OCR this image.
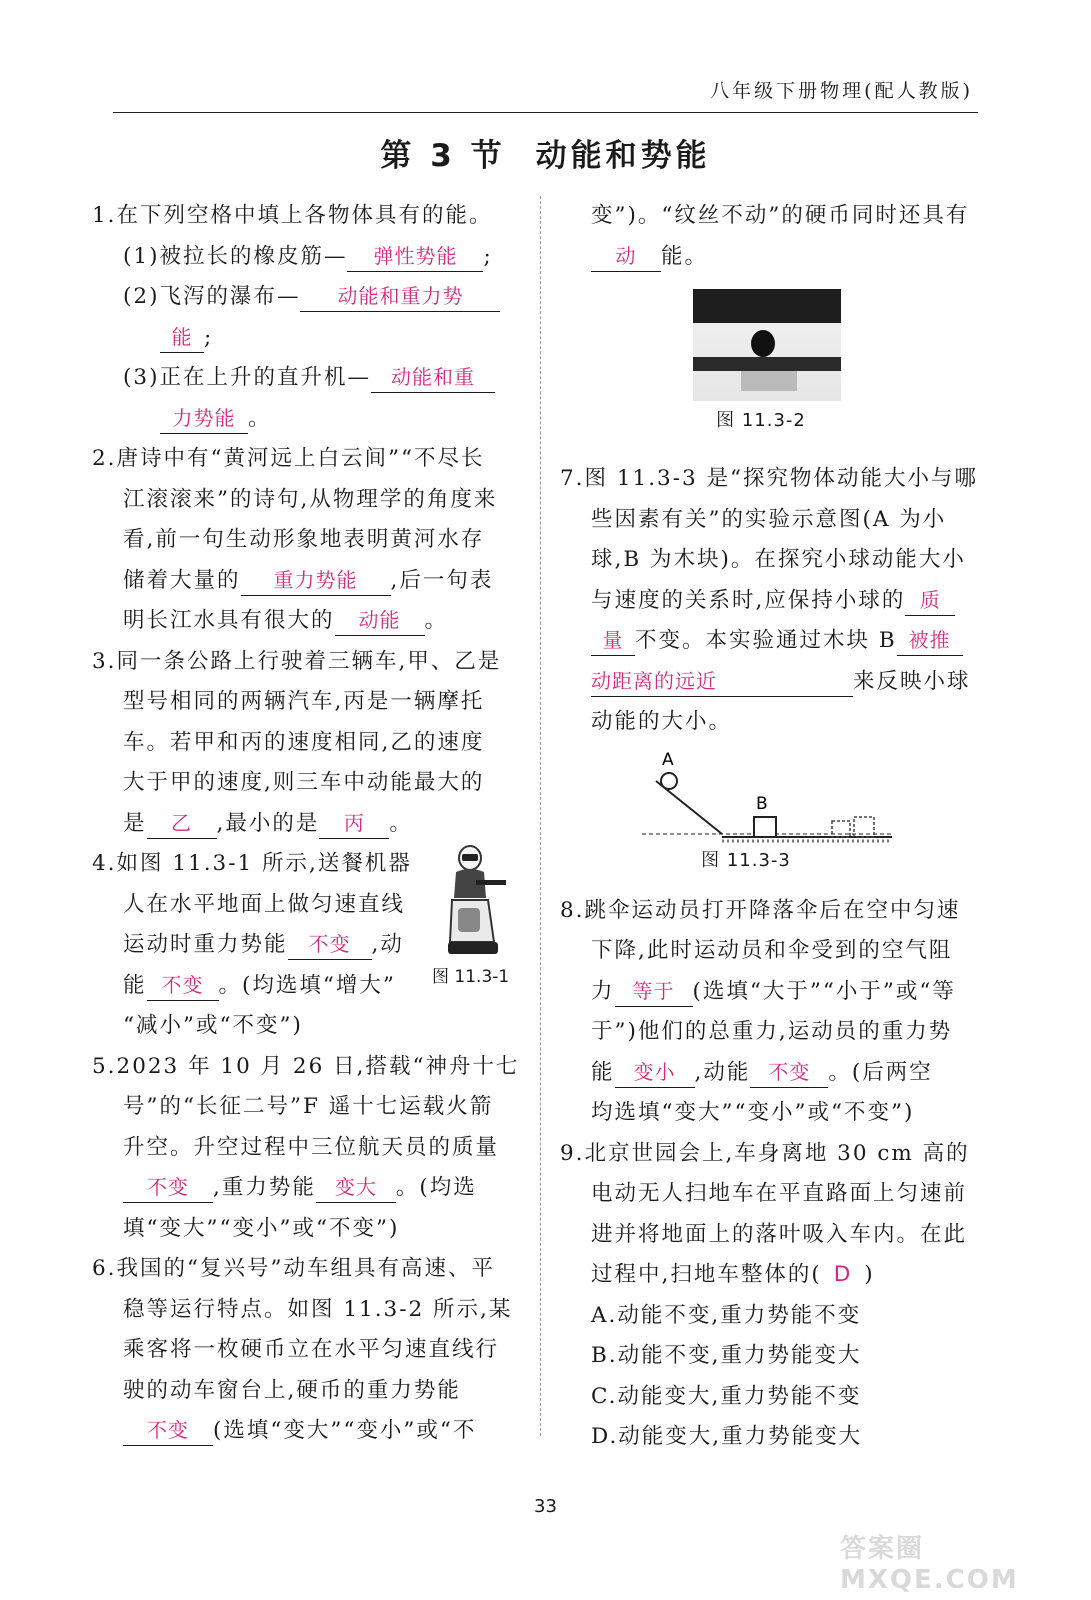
八年级下册物理(配人教版)
第 3 节 动能和势能
1.在下列空格中填上各物体具有的能。
(1)被拉长的橡皮筋— 弹性势能 ;
(2)飞泻的瀑布— 动能和重力势
能 ;
(3)正在上升的直升机— 动能和重
力势能 。
2.唐诗中有“黄河远上白云间”“不尽长
江滚滚来”的诗句,从物理学的角度来
看,前一句生动形象地表明黄河水存
储着大量的 重力势能 ,后一句表
明长江水具有很大的 动能 。
3.同一条公路上行驶着三辆车,甲、乙是
型号相同的两辆汽车,丙是一辆摩托
车。若甲和丙的速度相同,乙的速度
大于甲的速度,则三车中动能最大的
是 乙 ,最小的是 丙 。
4.如图 11.3-1 所示,送餐机器
人在水平地面上做匀速直线
运动时重力势能 不变 ,动
能 不变 。(均选填“增大”
“减小”或“不变”)
5.2023 年 10 月 26 日,搭载“神舟十七
号”的“长征二号”F 遥十七运载火箭
升空。升空过程中三位航天员的质量
不变 ,重力势能 变大 。(均选
填“变大”“变小”或“不变”)
6.我国的“复兴号”动车组具有高速、平
稳等运行特点。如图 11.3-2 所示,某
乘客将一枚硬币立在水平匀速直线行
驶的动车窗台上,硬币的重力势能
不变 (选填“变大”“变小”或“不
图 11.3-1
变”)。“纹丝不动”的硬币同时还具有
动 能。
图 11.3-2
7.图 11.3-3 是“探究物体动能大小与哪
些因素有关”的实验示意图(A 为小
球,B 为木块)。在探究小球动能大小
与速度的关系时,应保持小球的 质
量 不变。本实验通过木块 B 被推
动距离的远近	来反映小球
动能的大小。
A
B
图 11.3-3
8.跳伞运动员打开降落伞后在空中匀速
下降,此时运动员和伞受到的空气阻
力 等于 (选填“大于”“小于”或“等
于”)他们的总重力,运动员的重力势
能 变小 ,动能 不变 。(后两空
均选填“变大”“变小”或“不变”)
9.北京世园会上,车身离地 30 cm 高的
电动无人扫地车在平直路面上匀速前
进并将地面上的落叶吸入车内。在此
过程中,扫地车整体的( D )
A.动能不变,重力势能不变
B.动能不变,重力势能变大
C.动能变大,重力势能不变
D.动能变大,重力势能变大
33
答案圈 MXQE.COM
